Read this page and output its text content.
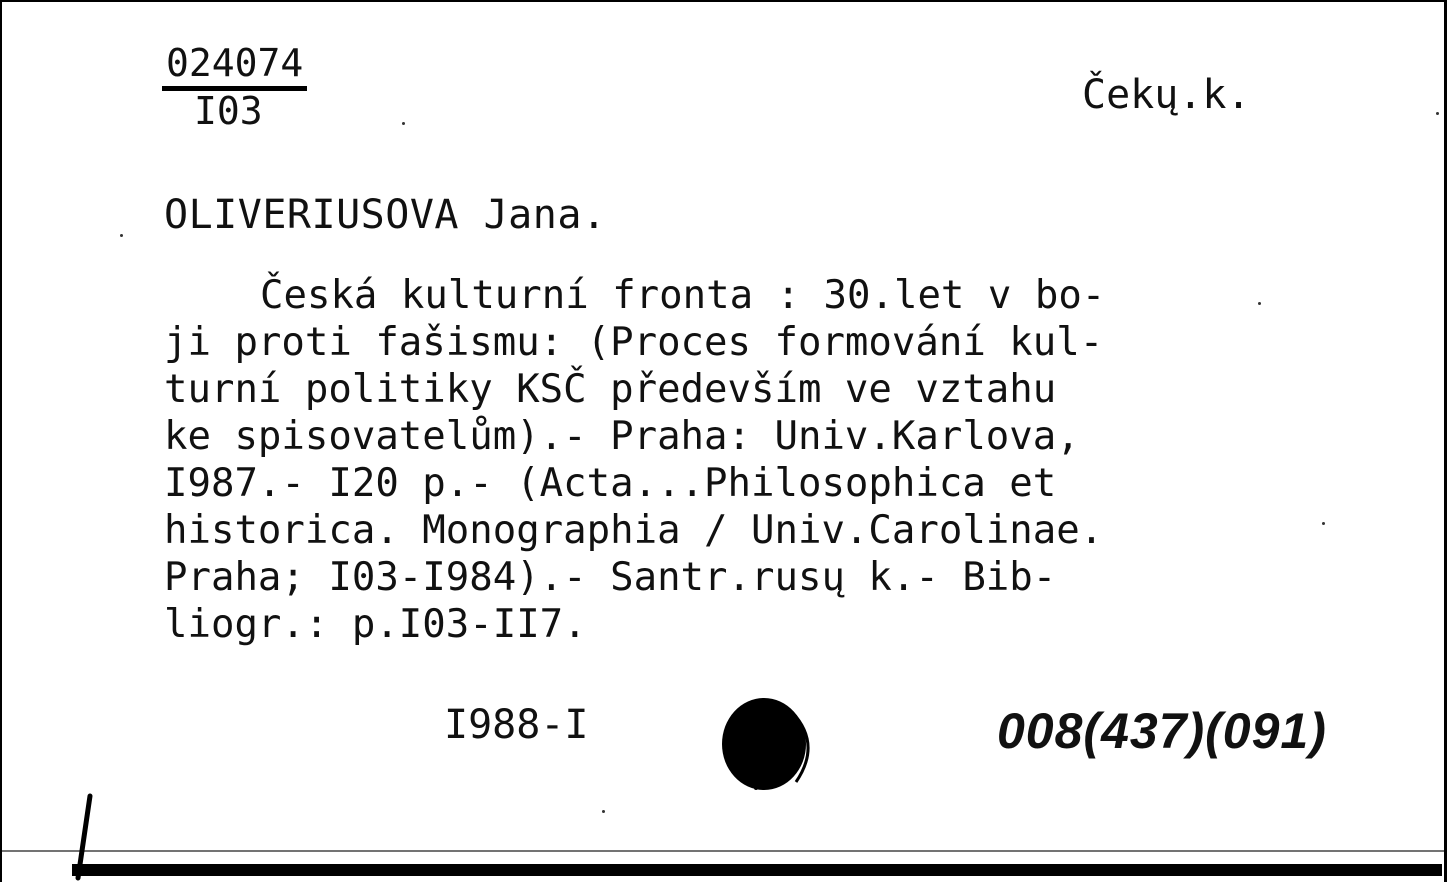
024074
I03	Čekų.k.
OLIVERIUSOVA Jana.
Česká kulturní fronta : 30.let v bo-
ji proti fašismu: (Proces formování kul-
turní politiky KSČ především ve vztahu
ke spisovatelům).- Praha: Univ.Karlova,
I987.- I20 p.- (Acta...Philosophica et
historica. Monographia / Univ.Carolinae.
Praha; I03-I984).- Santr.rusų k.- Bib-
liogr.: p.I03-II7.
I988-I	008(437)(091)
